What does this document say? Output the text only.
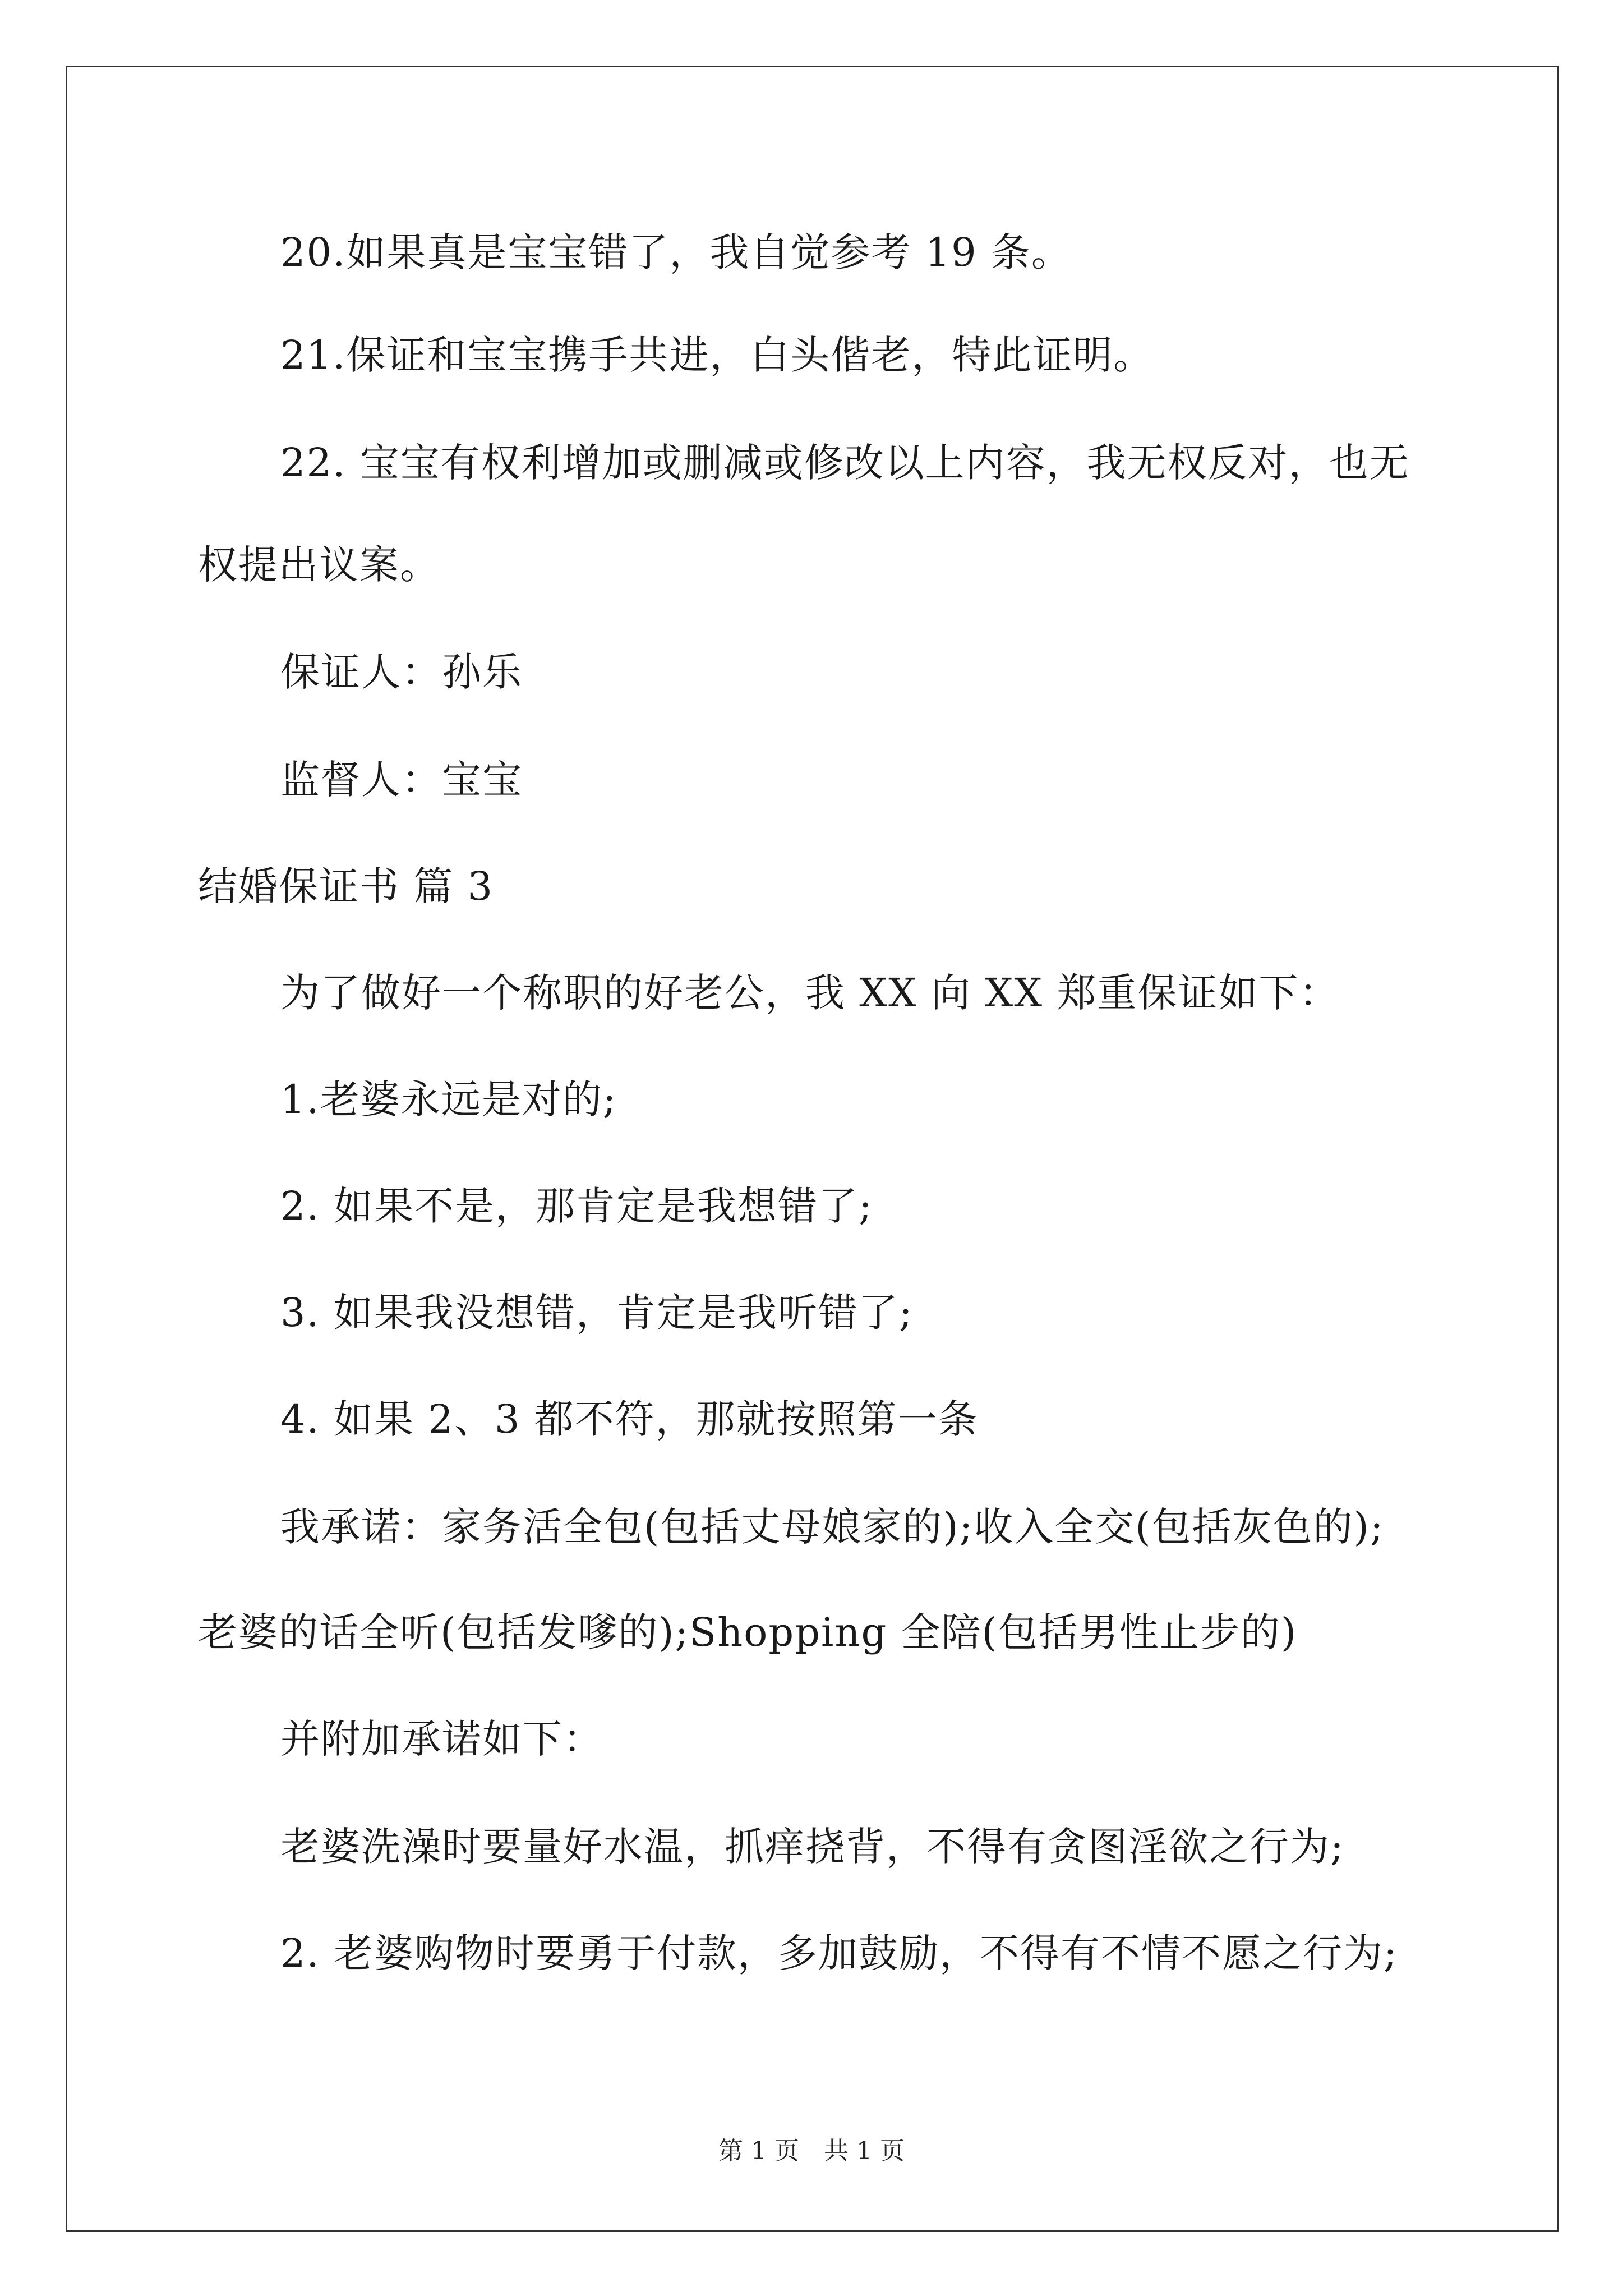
20.如果真是宝宝错了，我自觉参考 19 条。
21.保证和宝宝携手共进，白头偕老，特此证明。
22. 宝宝有权利增加或删减或修改以上内容，我无权反对，也无
权提出议案。
保证人：孙乐
监督人：宝宝
结婚保证书 篇 3
为了做好一个称职的好老公，我 XX 向 XX 郑重保证如下：
1.老婆永远是对的;
2. 如果不是，那肯定是我想错了;
3. 如果我没想错，肯定是我听错了;
4. 如果 2、3 都不符，那就按照第一条
我承诺：家务活全包(包括丈母娘家的);收入全交(包括灰色的);
老婆的话全听(包括发嗲的);Shopping 全陪(包括男性止步的)
并附加承诺如下：
老婆洗澡时要量好水温，抓痒挠背，不得有贪图淫欲之行为;
2. 老婆购物时要勇于付款，多加鼓励，不得有不情不愿之行为;
第 1 页　共 1 页
